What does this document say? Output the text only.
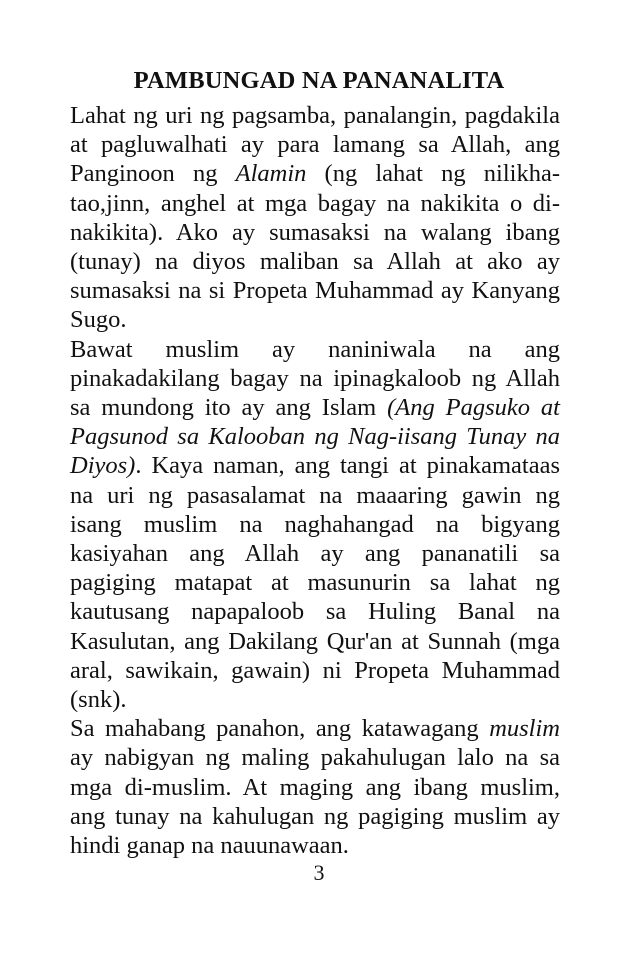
PAMBUNGAD NA PANANALITA

Lahat ng uri ng pagsamba, panalangin, pagdakila at pagluwalhati ay para lamang sa Allah, ang Panginoon ng Alamin (ng lahat ng nilikha-tao,jinn, anghel at mga bagay na nakikita o di-nakikita). Ako ay sumasaksi na walang ibang (tunay) na diyos maliban sa Allah at ako ay sumasaksi na si Propeta Muhammad ay Kanyang Sugo.

Bawat muslim ay naniniwala na ang pinakadakilang bagay na ipinagkaloob ng Allah sa mundong ito ay ang Islam (Ang Pagsuko at Pagsunod sa Kalooban ng Nag-iisang Tunay na Diyos). Kaya naman, ang tangi at pinakamataas na uri ng pasasalamat na maaaring gawin ng isang muslim na naghahangad na bigyang kasiyahan ang Allah ay ang pananatili sa pagiging matapat at masunurin sa lahat ng kautusang napapaloob sa Huling Banal na Kasulutan, ang Dakilang Qur'an at Sunnah (mga aral, sawikain, gawain) ni Propeta Muhammad (snk).

Sa mahabang panahon, ang katawagang muslim ay nabigyan ng maling pakahulugan lalo na sa mga di-muslim. At maging ang ibang muslim, ang tunay na kahulugan ng pagiging muslim ay hindi ganap na nauunawaan.

3
